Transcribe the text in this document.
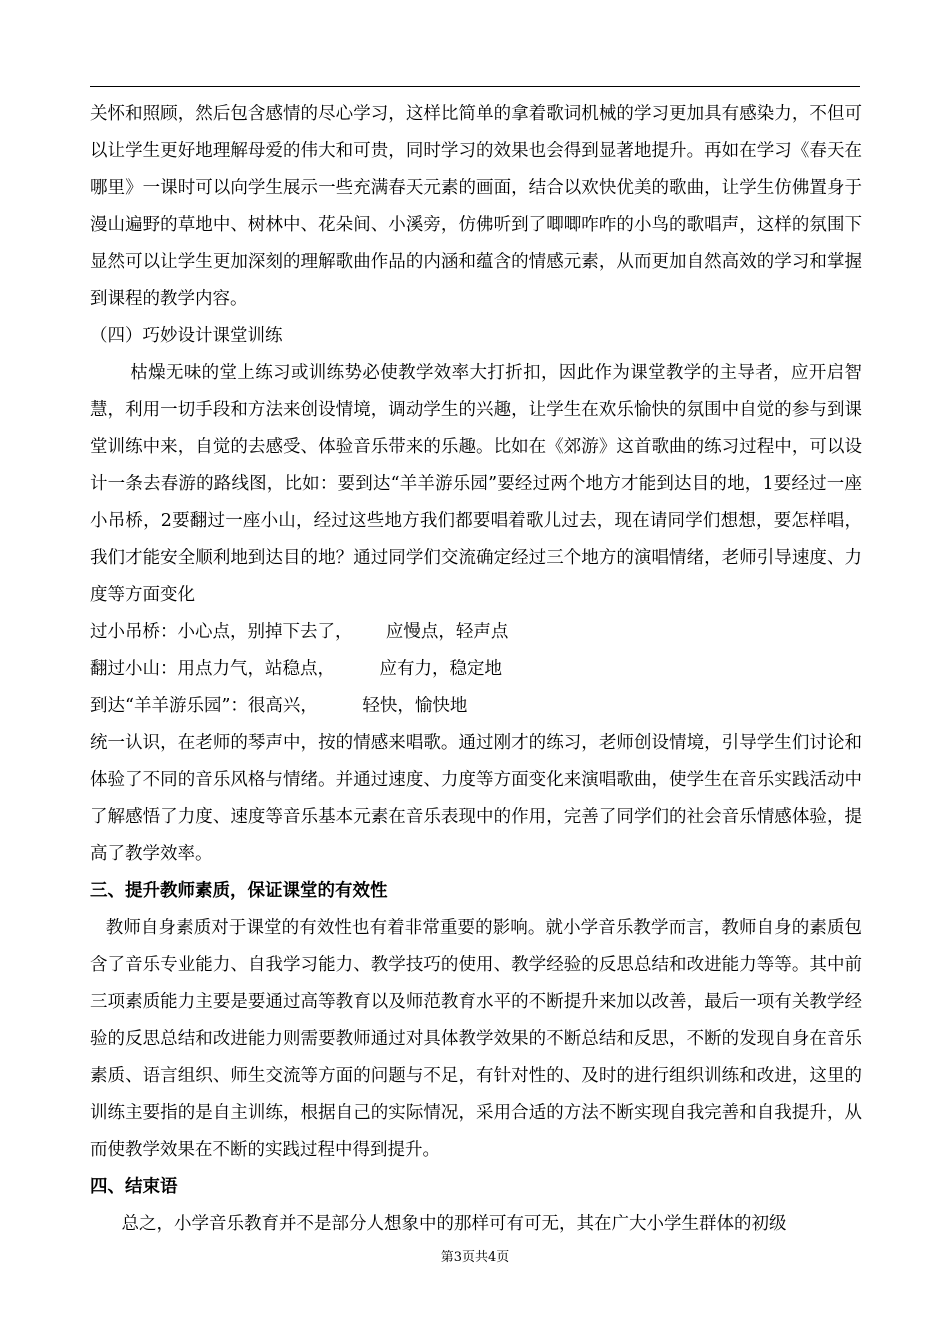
关怀和照顾，然后包含感情的尽心学习，这样比简单的拿着歌词机械的学习更加具有感染力，不但可以让学生更好地理解母爱的伟大和可贵，同时学习的效果也会得到显著地提升。再如在学习《春天在哪里》一课时可以向学生展示一些充满春天元素的画面，结合以欢快优美的歌曲，让学生仿佛置身于漫山遍野的草地中、树林中、花朵间、小溪旁，仿佛听到了唧唧咋咋的小鸟的歌唱声，这样的氛围下显然可以让学生更加深刻的理解歌曲作品的内涵和蕴含的情感元素，从而更加自然高效的学习和掌握到课程的教学内容。

（四）巧妙设计课堂训练

枯燥无味的堂上练习或训练势必使教学效率大打折扣，因此作为课堂教学的主导者，应开启智慧，利用一切手段和方法来创设情境，调动学生的兴趣，让学生在欢乐愉快的氛围中自觉的参与到课堂训练中来，自觉的去感受、体验音乐带来的乐趣。比如在《郊游》这首歌曲的练习过程中，可以设计一条去春游的路线图，比如：要到达“羊羊游乐园”要经过两个地方才能到达目的地，1要经过一座小吊桥，2要翻过一座小山，经过这些地方我们都要唱着歌儿过去，现在请同学们想想，要怎样唱，我们才能安全顺利地到达目的地？通过同学们交流确定经过三个地方的演唱情绪，老师引导速度、力度等方面变化

过小吊桥：小心点，别掉下去了，      应慢点，轻声点

翻过小山：用点力气，站稳点，        应有力，稳定地

到达“羊羊游乐园”：很高兴，        轻快，愉快地

统一认识，在老师的琴声中，按的情感来唱歌。通过刚才的练习，老师创设情境，引导学生们讨论和体验了不同的音乐风格与情绪。并通过速度、力度等方面变化来演唱歌曲，使学生在音乐实践活动中了解感悟了力度、速度等音乐基本元素在音乐表现中的作用，完善了同学们的社会音乐情感体验，提高了教学效率。

三、提升教师素质，保证课堂的有效性

教师自身素质对于课堂的有效性也有着非常重要的影响。就小学音乐教学而言，教师自身的素质包含了音乐专业能力、自我学习能力、教学技巧的使用、教学经验的反思总结和改进能力等等。其中前三项素质能力主要是要通过高等教育以及师范教育水平的不断提升来加以改善，最后一项有关教学经验的反思总结和改进能力则需要教师通过对具体教学效果的不断总结和反思，不断的发现自身在音乐素质、语言组织、师生交流等方面的问题与不足，有针对性的、及时的进行组织训练和改进，这里的训练主要指的是自主训练，根据自己的实际情况，采用合适的方法不断实现自我完善和自我提升，从而使教学效果在不断的实践过程中得到提升。

四、结束语

总之，小学音乐教育并不是部分人想象中的那样可有可无，其在广大小学生群体的初级

第3页共4页
